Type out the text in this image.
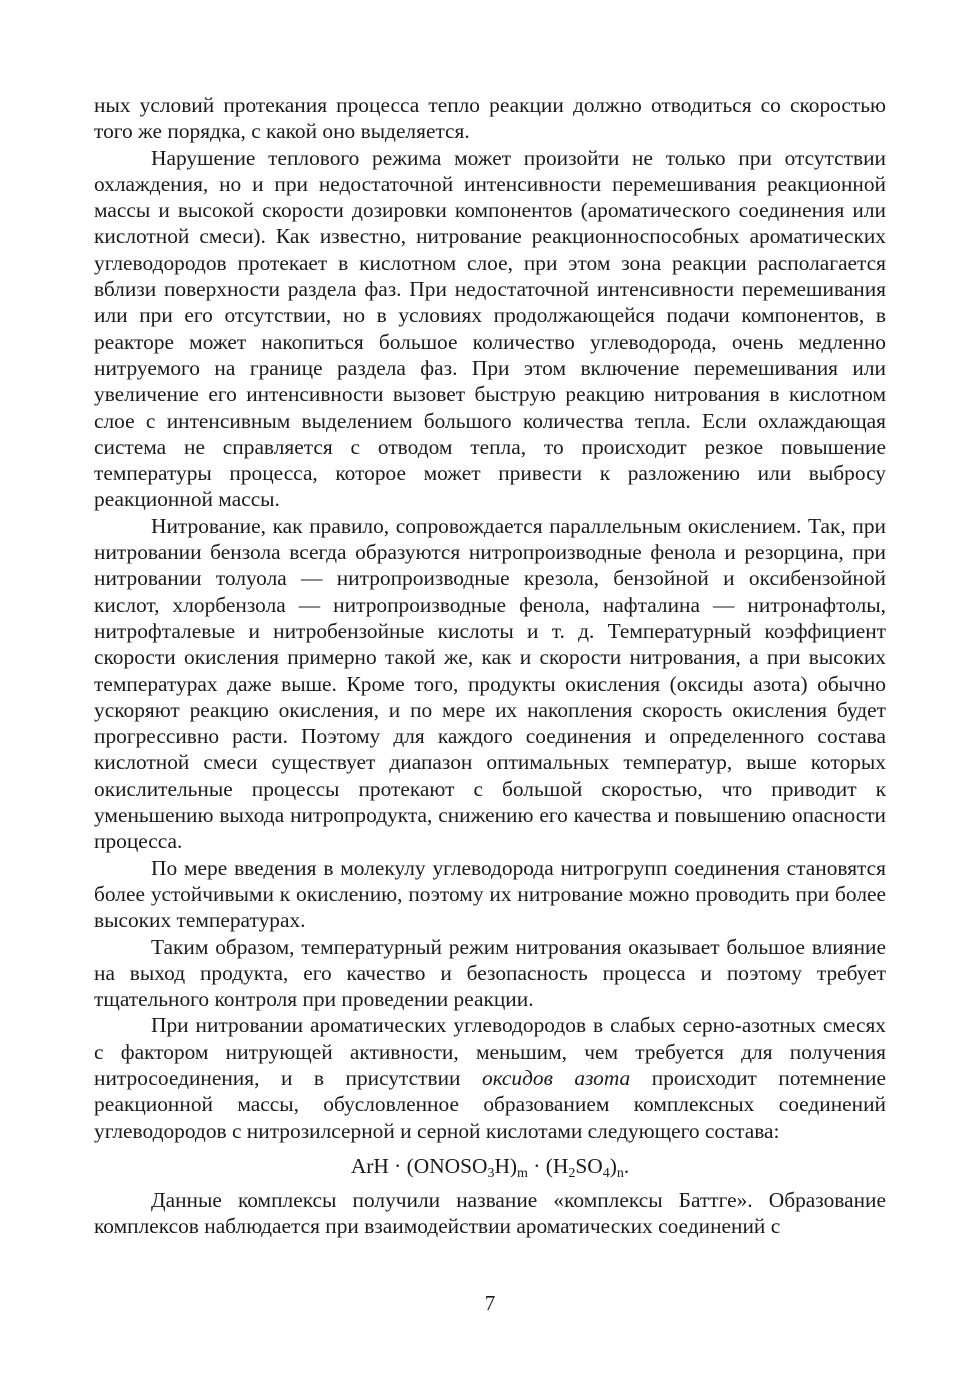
ных условий протекания процесса тепло реакции должно отводиться со скоростью того же порядка, с какой оно выделяется.

Нарушение теплового режима может произойти не только при отсутствии охлаждения, но и при недостаточной интенсивности перемешивания реакционной массы и высокой скорости дозировки компонентов (ароматического соединения или кислотной смеси). Как известно, нитрование реакционноспособных ароматических углеводородов протекает в кислотном слое, при этом зона реакции располагается вблизи поверхности раздела фаз. При недостаточной интенсивности перемешивания или при его отсутствии, но в условиях продолжающейся подачи компонентов, в реакторе может накопиться большое количество углеводорода, очень медленно нитруемого на границе раздела фаз. При этом включение перемешивания или увеличение его интенсивности вызовет быструю реакцию нитрования в кислотном слое с интенсивным выделением большого количества тепла. Если охлаждающая система не справляется с отводом тепла, то происходит резкое повышение температуры процесса, которое может привести к разложению или выбросу реакционной массы.

Нитрование, как правило, сопровождается параллельным окислением. Так, при нитровании бензола всегда образуются нитропроизводные фенола и резорцина, при нитровании толуола — нитропроизводные крезола, бензойной и оксибензойной кислот, хлорбензола — нитропроизводные фенола, нафталина — нитронафтолы, нитрофталевые и нитробензойные кислоты и т. д. Температурный коэффициент скорости окисления примерно такой же, как и скорости нитрования, а при высоких температурах даже выше. Кроме того, продукты окисления (оксиды азота) обычно ускоряют реакцию окисления, и по мере их накопления скорость окисления будет прогрессивно расти. Поэтому для каждого соединения и определенного состава кислотной смеси существует диапазон оптимальных температур, выше которых окислительные процессы протекают с большой скоростью, что приводит к уменьшению выхода нитропродукта, снижению его качества и повышению опасности процесса.

По мере введения в молекулу углеводорода нитрогрупп соединения становятся более устойчивыми к окислению, поэтому их нитрование можно проводить при более высоких температурах.

Таким образом, температурный режим нитрования оказывает большое влияние на выход продукта, его качество и безопасность процесса и поэтому требует тщательного контроля при проведении реакции.

При нитровании ароматических углеводородов в слабых серно-азотных смесях с фактором нитрующей активности, меньшим, чем требуется для получения нитросоединения, и в присутствии оксидов азота происходит потемнение реакционной массы, обусловленное образованием комплексных соединений углеводородов с нитрозилсерной и серной кислотами следующего состава:

ArH · $(ONOSO_3H)_m \cdot (H_2SO_4)_n$.

Данные комплексы получили название «комплексы Баттге». Образование комплексов наблюдается при взаимодействии ароматических соединений с

7
